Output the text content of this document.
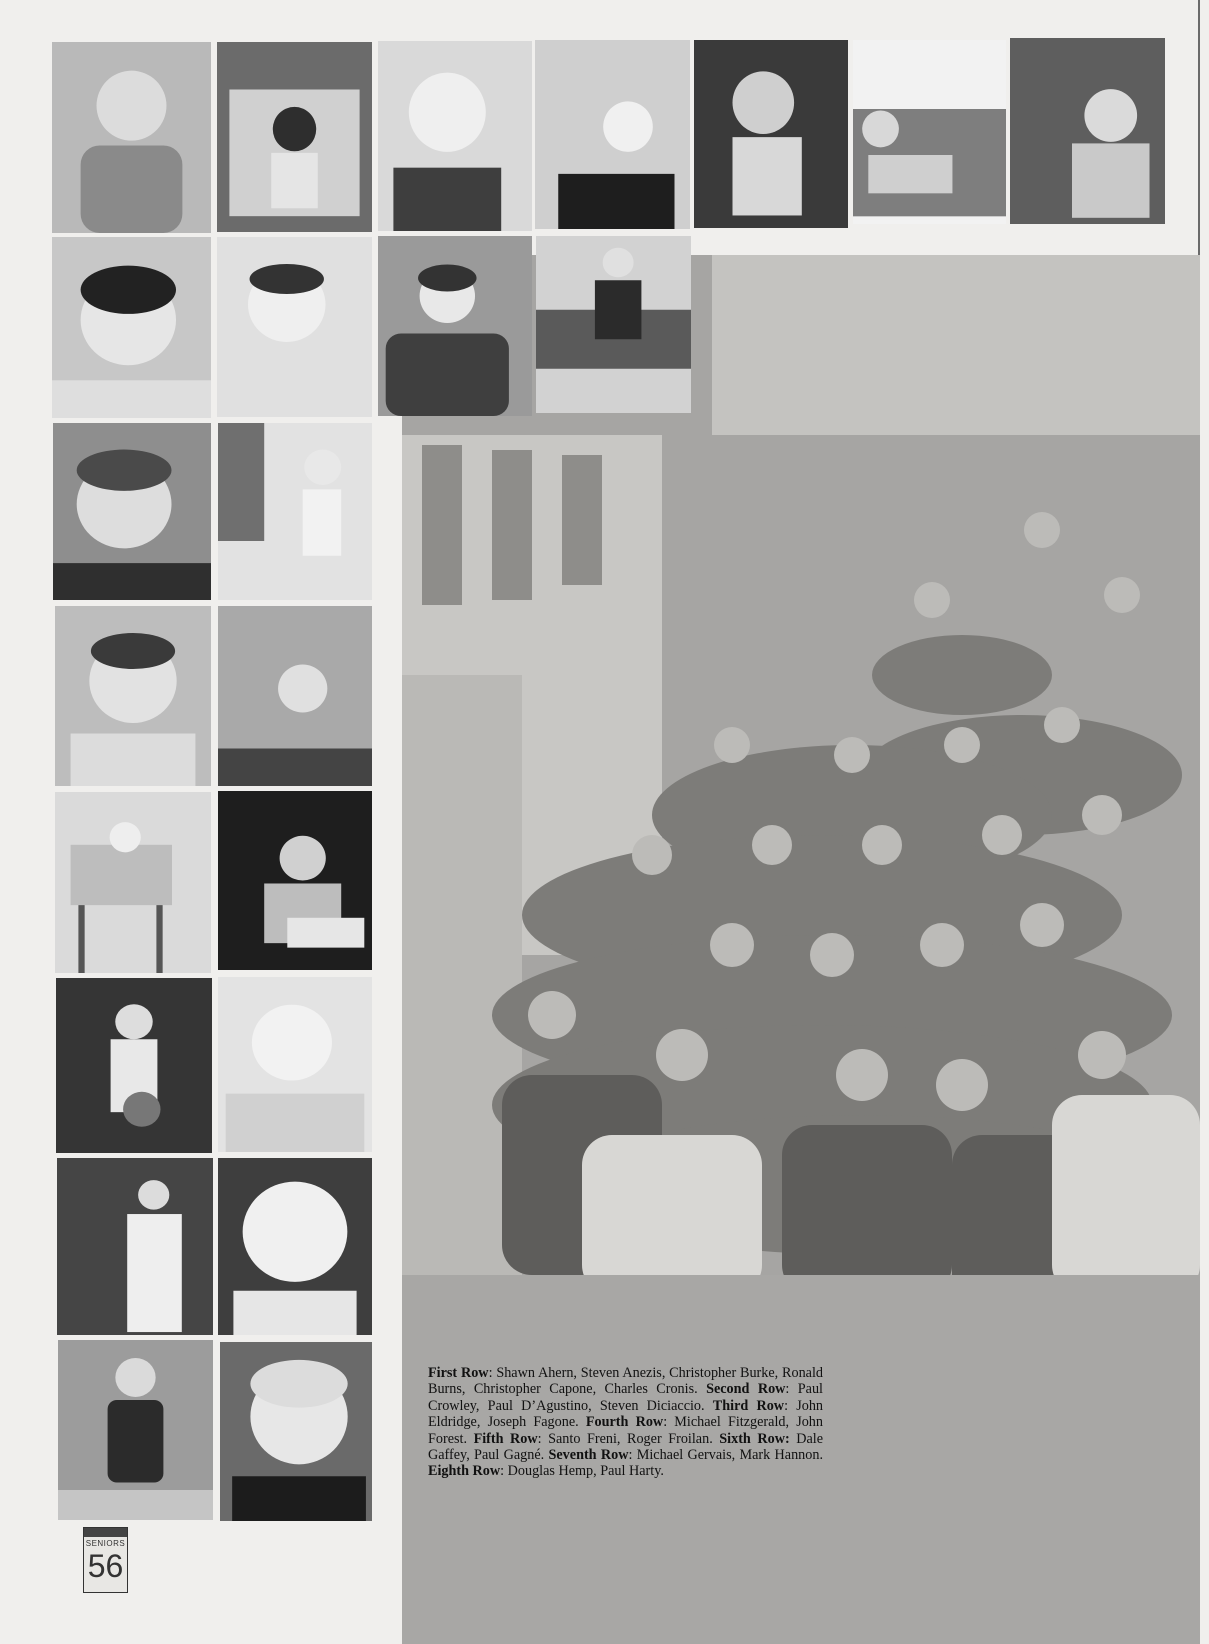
First Row: Shawn Ahern, Steven Anezis, Christopher Burke, Ronald Burns, Christopher Capone, Charles Cronis. Second Row: Paul Crowley, Paul D’Agustino, Steven Diciaccio. Third Row: John Eldridge, Joseph Fagone. Fourth Row: Michael Fitzgerald, John Forest. Fifth Row: Santo Freni, Roger Froilan. Sixth Row: Dale Gaffey, Paul Gagné. Seventh Row: Michael Gervais, Mark Hannon. Eighth Row: Douglas Hemp, Paul Harty.
SENIORS
56
